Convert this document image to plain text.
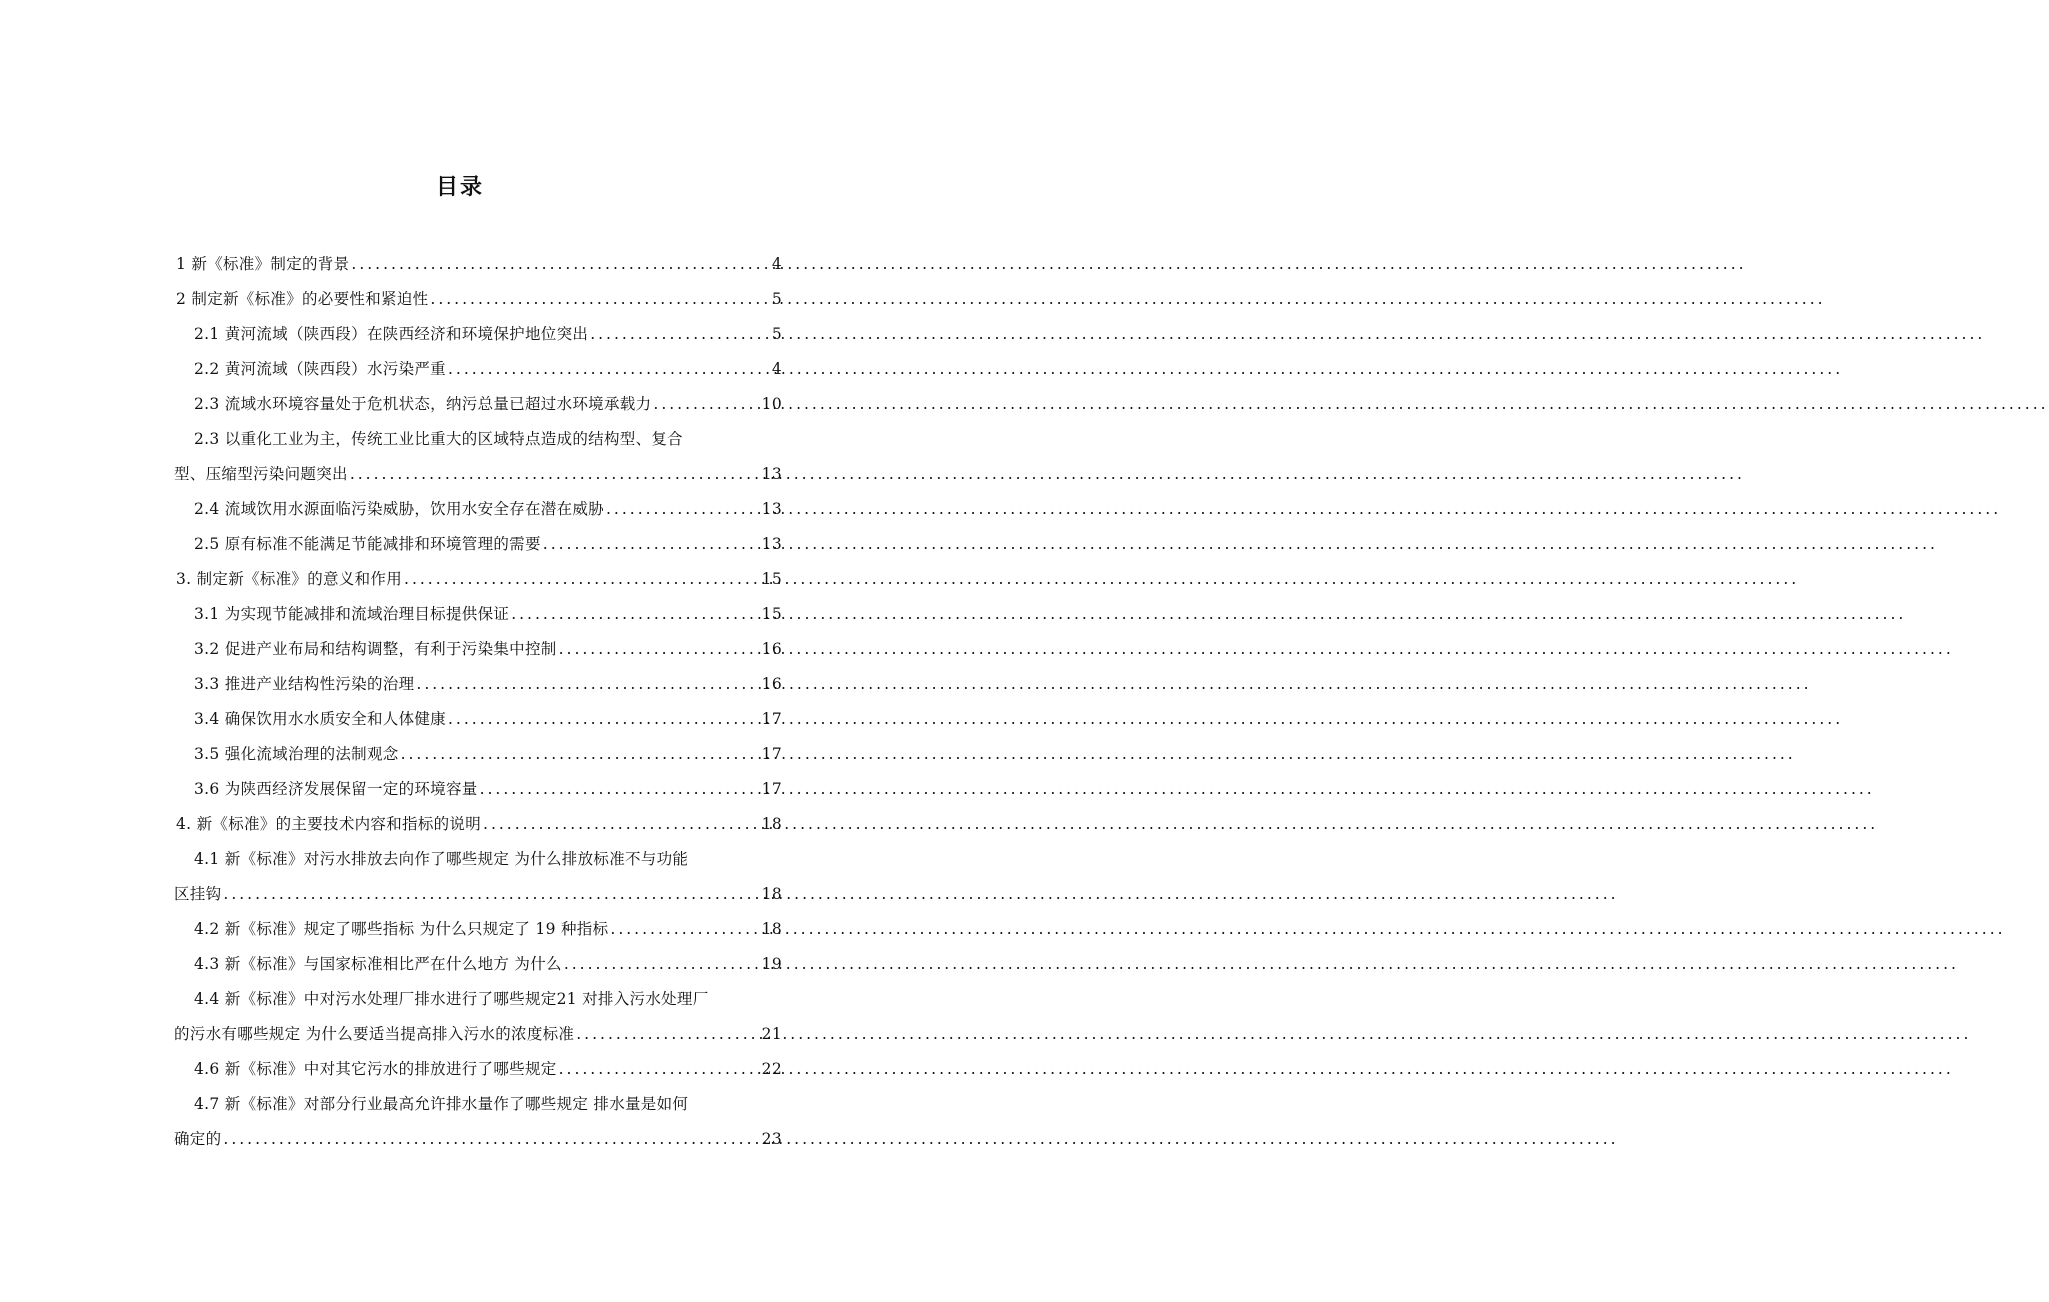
目录
1 新《标准》制定的背景 .....	4
2 制定新《标准》的必要性和紧迫性 .....	5
2.1 黄河流域（陕西段）在陕西经济和环境保护地位突出 .....	5
2.2 黄河流域（陕西段）水污染严重 .....	4
2.3 流域水环境容量处于危机状态，纳污总量已超过水环境承载力 .....	10
2.3 以重化工业为主，传统工业比重大的区域特点造成的结构型、复合
型、压缩型污染问题突出 .....	13
2.4 流域饮用水源面临污染威胁，饮用水安全存在潜在威胁 .....	13
2.5 原有标准不能满足节能减排和环境管理的需要 .....	13
3. 制定新《标准》的意义和作用 .....	15
3.1 为实现节能减排和流域治理目标提供保证 .....	15
3.2 促进产业布局和结构调整，有利于污染集中控制 .....	16
3.3 推进产业结构性污染的治理 .....	16
3.4 确保饮用水水质安全和人体健康 .....	17
3.5 强化流域治理的法制观念 .....	17
3.6 为陕西经济发展保留一定的环境容量 .....	17
4. 新《标准》的主要技术内容和指标的说明 .....	18
4.1 新《标准》对污水排放去向作了哪些规定 为什么排放标准不与功能
区挂钩 .....	18
4.2 新《标准》规定了哪些指标 为什么只规定了 19 种指标 .....	18
4.3 新《标准》与国家标准相比严在什么地方 为什么 .....	19
4.4 新《标准》中对污水处理厂排水进行了哪些规定21 对排入污水处理厂
的污水有哪些规定 为什么要适当提高排入污水的浓度标准 .....	21
4.6 新《标准》中对其它污水的排放进行了哪些规定 .....	22
4.7 新《标准》对部分行业最高允许排水量作了哪些规定 排水量是如何
确定的 .....	23
